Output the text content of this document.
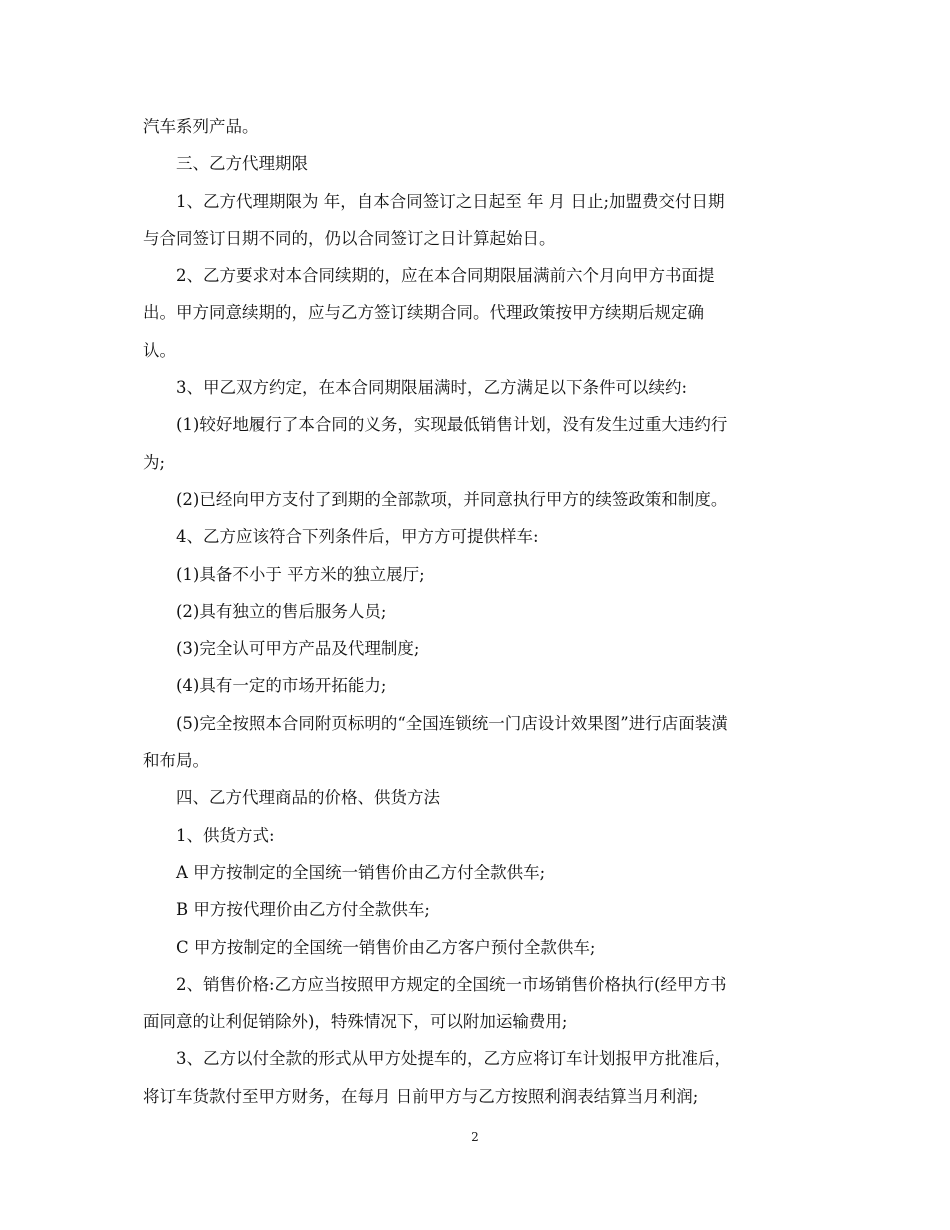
汽车系列产品。
三、乙方代理期限
1、乙方代理期限为 年，自本合同签订之日起至 年 月 日止;加盟费交付日期
与合同签订日期不同的，仍以合同签订之日计算起始日。
2、乙方要求对本合同续期的，应在本合同期限届满前六个月向甲方书面提
出。甲方同意续期的，应与乙方签订续期合同。代理政策按甲方续期后规定确
认。
3、甲乙双方约定，在本合同期限届满时，乙方满足以下条件可以续约:
(1)较好地履行了本合同的义务，实现最低销售计划，没有发生过重大违约行
为;
(2)已经向甲方支付了到期的全部款项，并同意执行甲方的续签政策和制度。
4、乙方应该符合下列条件后，甲方方可提供样车:
(1)具备不小于 平方米的独立展厅;
(2)具有独立的售后服务人员;
(3)完全认可甲方产品及代理制度;
(4)具有一定的市场开拓能力;
(5)完全按照本合同附页标明的“全国连锁统一门店设计效果图”进行店面装潢
和布局。
四、乙方代理商品的价格、供货方法
1、供货方式:
A 甲方按制定的全国统一销售价由乙方付全款供车;
B 甲方按代理价由乙方付全款供车;
C 甲方按制定的全国统一销售价由乙方客户预付全款供车;
2、销售价格:乙方应当按照甲方规定的全国统一市场销售价格执行(经甲方书
面同意的让利促销除外)，特殊情况下，可以附加运输费用;
3、乙方以付全款的形式从甲方处提车的，乙方应将订车计划报甲方批准后，
将订车货款付至甲方财务，在每月 日前甲方与乙方按照利润表结算当月利润;
2
